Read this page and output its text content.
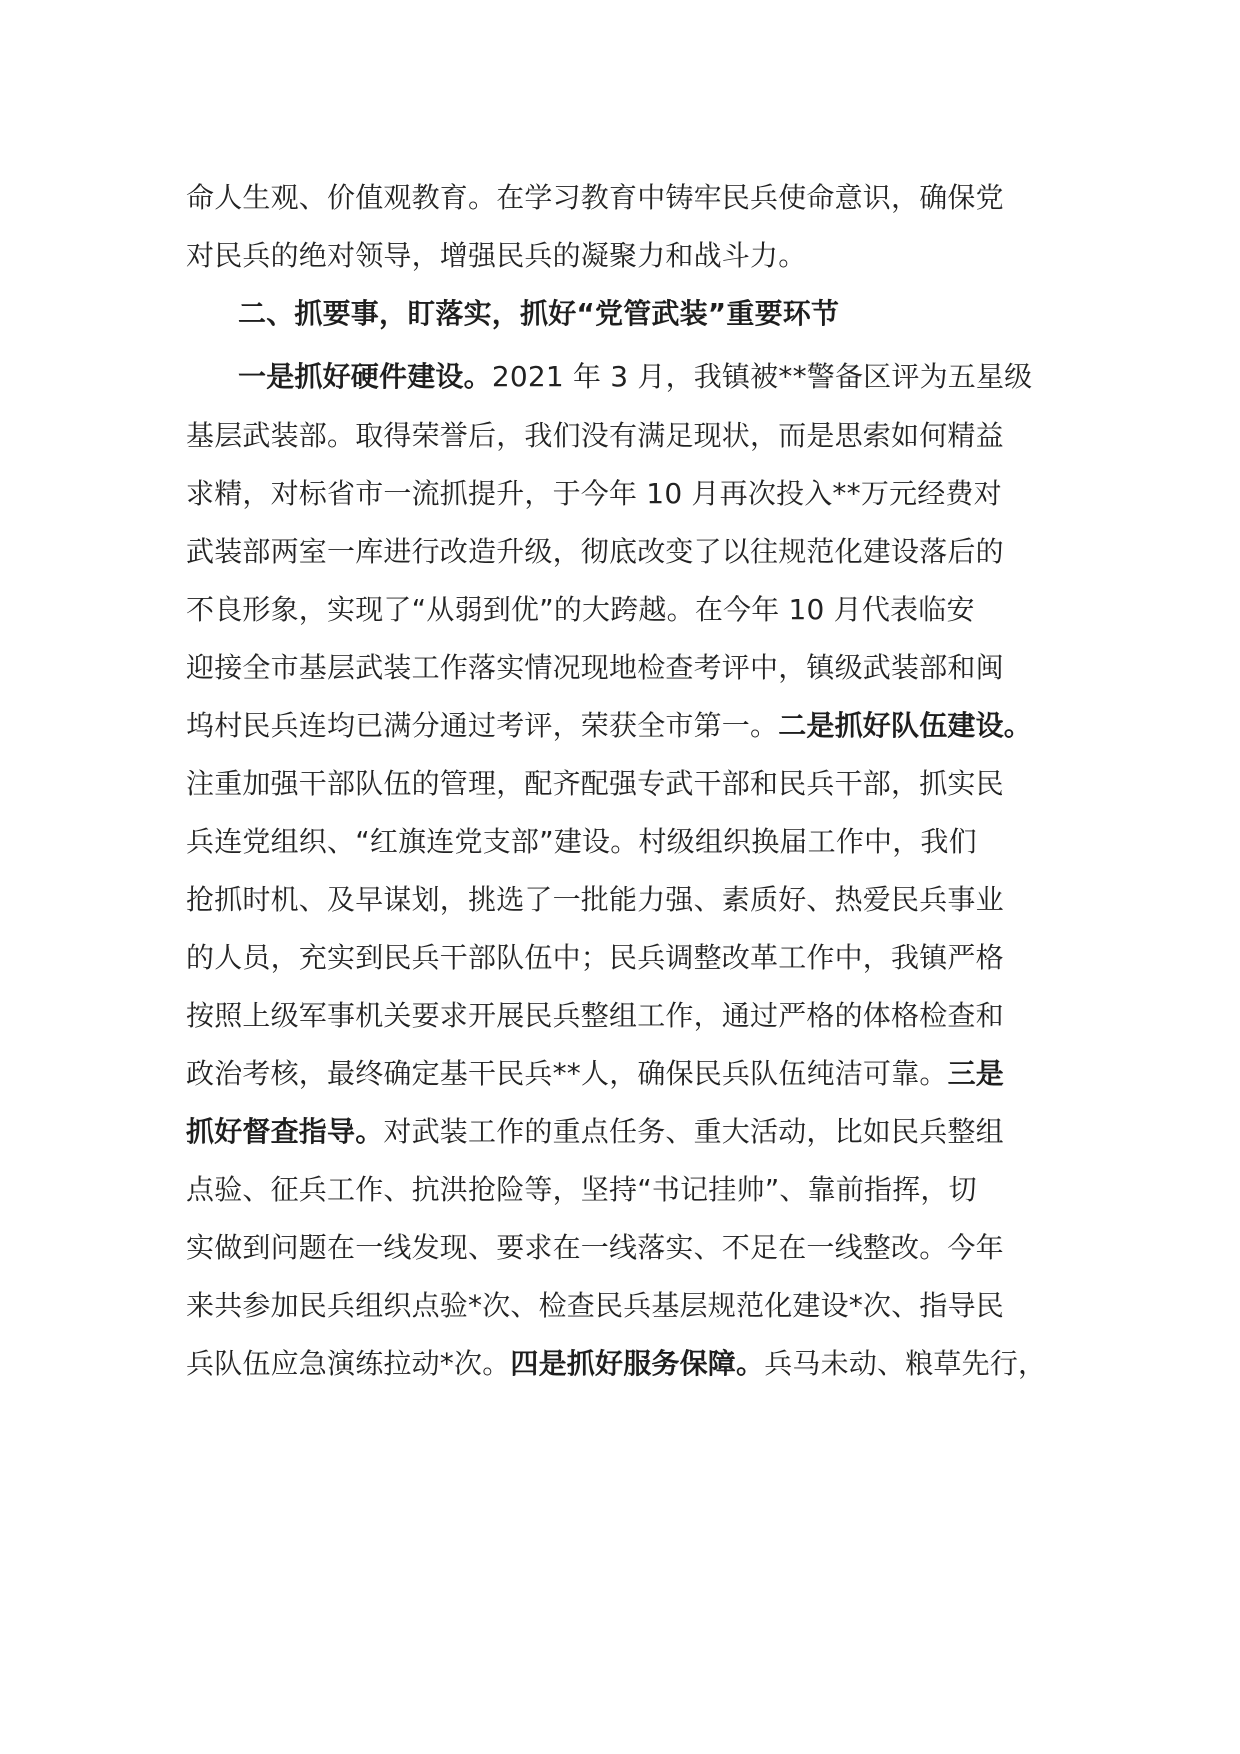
命人生观、价值观教育。在学习教育中铸牢民兵使命意识，确保党
对民兵的绝对领导，增强民兵的凝聚力和战斗力。
二、抓要事，盯落实，抓好“党管武装”重要环节
一是抓好硬件建设。2021 年 3 月，我镇被**警备区评为五星级
基层武装部。取得荣誉后，我们没有满足现状，而是思索如何精益
求精，对标省市一流抓提升，于今年 10 月再次投入**万元经费对
武装部两室一库进行改造升级，彻底改变了以往规范化建设落后的
不良形象，实现了“从弱到优”的大跨越。在今年 10 月代表临安
迎接全市基层武装工作落实情况现地检查考评中，镇级武装部和闽
坞村民兵连均已满分通过考评，荣获全市第一。二是抓好队伍建设。
注重加强干部队伍的管理，配齐配强专武干部和民兵干部，抓实民
兵连党组织、“红旗连党支部”建设。村级组织换届工作中，我们
抢抓时机、及早谋划，挑选了一批能力强、素质好、热爱民兵事业
的人员，充实到民兵干部队伍中；民兵调整改革工作中，我镇严格
按照上级军事机关要求开展民兵整组工作，通过严格的体格检查和
政治考核，最终确定基干民兵**人，确保民兵队伍纯洁可靠。三是
抓好督查指导。对武装工作的重点任务、重大活动，比如民兵整组
点验、征兵工作、抗洪抢险等，坚持“书记挂帅”、靠前指挥，切
实做到问题在一线发现、要求在一线落实、不足在一线整改。今年
来共参加民兵组织点验*次、检查民兵基层规范化建设*次、指导民
兵队伍应急演练拉动*次。四是抓好服务保障。兵马未动、粮草先行，
